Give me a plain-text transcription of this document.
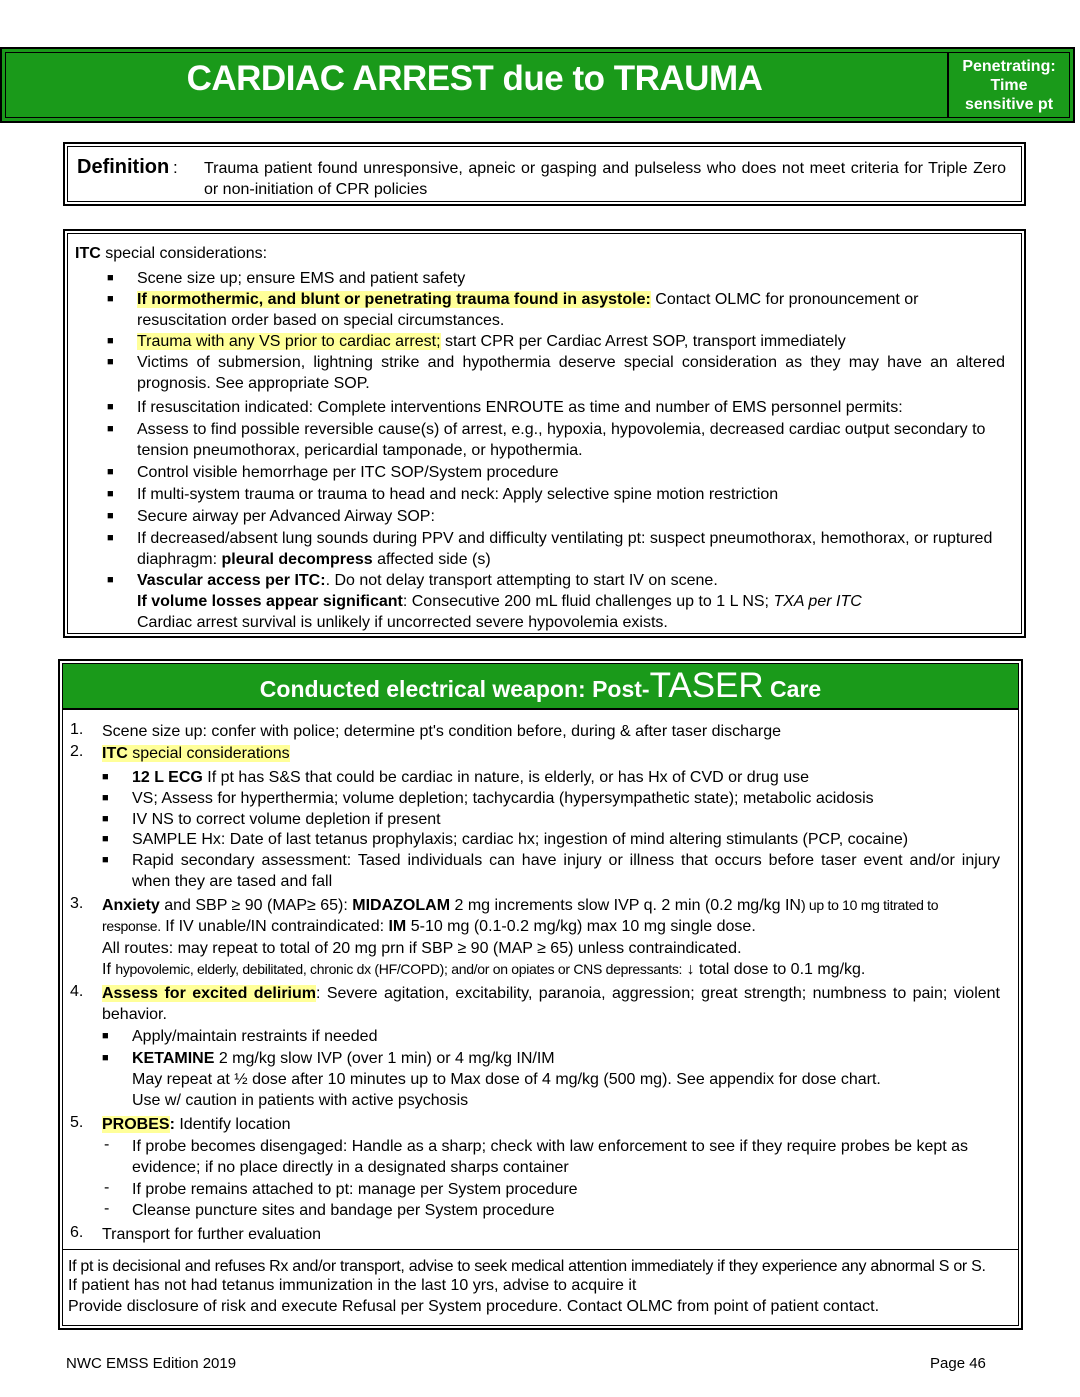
CARDIAC ARREST due to TRAUMA	Penetrating:
Time
sensitive pt
Definition : Trauma patient found unresponsive, apneic or gasping and pulseless who does not meet criteria for Triple Zero or non-initiation of CPR policies
ITC special considerations:
■ Scene size up; ensure EMS and patient safety
■ If normothermic, and blunt or penetrating trauma found in asystole: Contact OLMC for pronouncement or resuscitation order based on special circumstances.
■ Trauma with any VS prior to cardiac arrest; start CPR per Cardiac Arrest SOP, transport immediately
■ Victims of submersion, lightning strike and hypothermia deserve special consideration as they may have an altered prognosis. See appropriate SOP.
■ If resuscitation indicated: Complete interventions ENROUTE as time and number of EMS personnel permits:
■ Assess to find possible reversible cause(s) of arrest, e.g., hypoxia, hypovolemia, decreased cardiac output secondary to tension pneumothorax, pericardial tamponade, or hypothermia.
■ Control visible hemorrhage per ITC SOP/System procedure
■ If multi-system trauma or trauma to head and neck: Apply selective spine motion restriction
■ Secure airway per Advanced Airway SOP:
■ If decreased/absent lung sounds during PPV and difficulty ventilating pt: suspect pneumothorax, hemothorax, or ruptured diaphragm: pleural decompress affected side (s)
■ Vascular access per ITC:. Do not delay transport attempting to start IV on scene.
If volume losses appear significant: Consecutive 200 mL fluid challenges up to 1 L NS; TXA per ITC
Cardiac arrest survival is unlikely if uncorrected severe hypovolemia exists.
Conducted electrical weapon: Post-TASER Care
1. Scene size up: confer with police; determine pt's condition before, during & after taser discharge
2. ITC special considerations
■ 12 L ECG If pt has S&S that could be cardiac in nature, is elderly, or has Hx of CVD or drug use
■ VS; Assess for hyperthermia; volume depletion; tachycardia (hypersympathetic state); metabolic acidosis
■ IV NS to correct volume depletion if present
■ SAMPLE Hx: Date of last tetanus prophylaxis; cardiac hx; ingestion of mind altering stimulants (PCP, cocaine)
■ Rapid secondary assessment: Tased individuals can have injury or illness that occurs before taser event and/or injury when they are tased and fall
3. Anxiety and SBP ≥ 90 (MAP≥ 65): MIDAZOLAM 2 mg increments slow IVP q. 2 min (0.2 mg/kg IN) up to 10 mg titrated to response. If IV unable/IN contraindicated: IM 5-10 mg (0.1-0.2 mg/kg) max 10 mg single dose.
All routes: may repeat to total of 20 mg prn if SBP ≥ 90 (MAP ≥ 65) unless contraindicated.
If hypovolemic, elderly, debilitated, chronic dx (HF/COPD); and/or on opiates or CNS depressants: ↓ total dose to 0.1 mg/kg.
4. Assess for excited delirium: Severe agitation, excitability, paranoia, aggression; great strength; numbness to pain; violent behavior.
■ Apply/maintain restraints if needed
■ KETAMINE 2 mg/kg slow IVP (over 1 min) or 4 mg/kg IN/IM
May repeat at ½ dose after 10 minutes up to Max dose of 4 mg/kg (500 mg). See appendix for dose chart.
Use w/ caution in patients with active psychosis
5. PROBES: Identify location
- If probe becomes disengaged: Handle as a sharp; check with law enforcement to see if they require probes be kept as evidence; if no place directly in a designated sharps container
- If probe remains attached to pt: manage per System procedure
- Cleanse puncture sites and bandage per System procedure
6. Transport for further evaluation
If pt is decisional and refuses Rx and/or transport, advise to seek medical attention immediately if they experience any abnormal S or S.
If patient has not had tetanus immunization in the last 10 yrs, advise to acquire it
Provide disclosure of risk and execute Refusal per System procedure. Contact OLMC from point of patient contact.
NWC EMSS Edition 2019	Page 46
